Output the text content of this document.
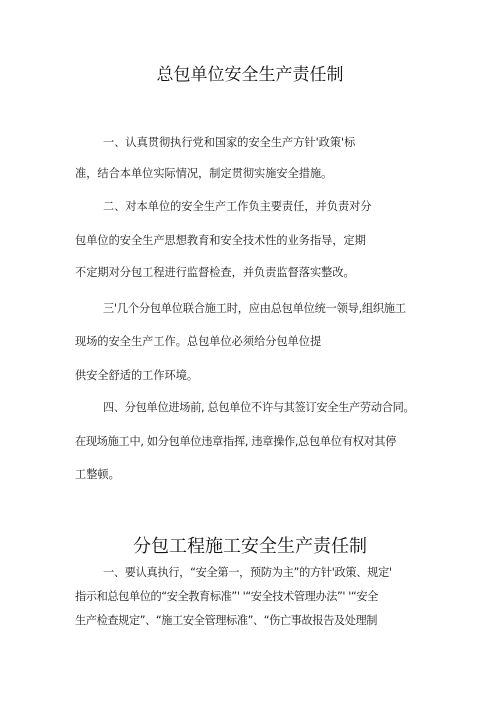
总包单位安全生产责任制
一、认真贯彻执行党和国家的安全生产方针'政策'标
准，结合本单位实际情况，制定贯彻实施安全措施。
二、对本单位的安全生产工作负主要责任，并负责对分
包单位的安全生产思想教育和安全技术性的业务指导，定期
不定期对分包工程进行监督检查，并负责监督落实整改。
三'几个分包单位联合施工时，应由总包单位统一领导,组织施工
现场的安全生产工作。总包单位必须给分包单位提
供安全舒适的工作环境。
四、分包单位进场前, 总包单位不许与其签订安全生产劳动合同。
在现场施工中, 如分包单位违章指挥, 违章操作,总包单位有权对其停
工整顿。
分包工程施工安全生产责任制
一、要认真执行，“安全第一，预防为主”的方针'政策、规定'
指示和总包单位的“安全教育标准”' '“安全技术管理办法”' '“安全
生产检查规定”、“施工安全管理标准”、“伤亡事故报告及处理制
